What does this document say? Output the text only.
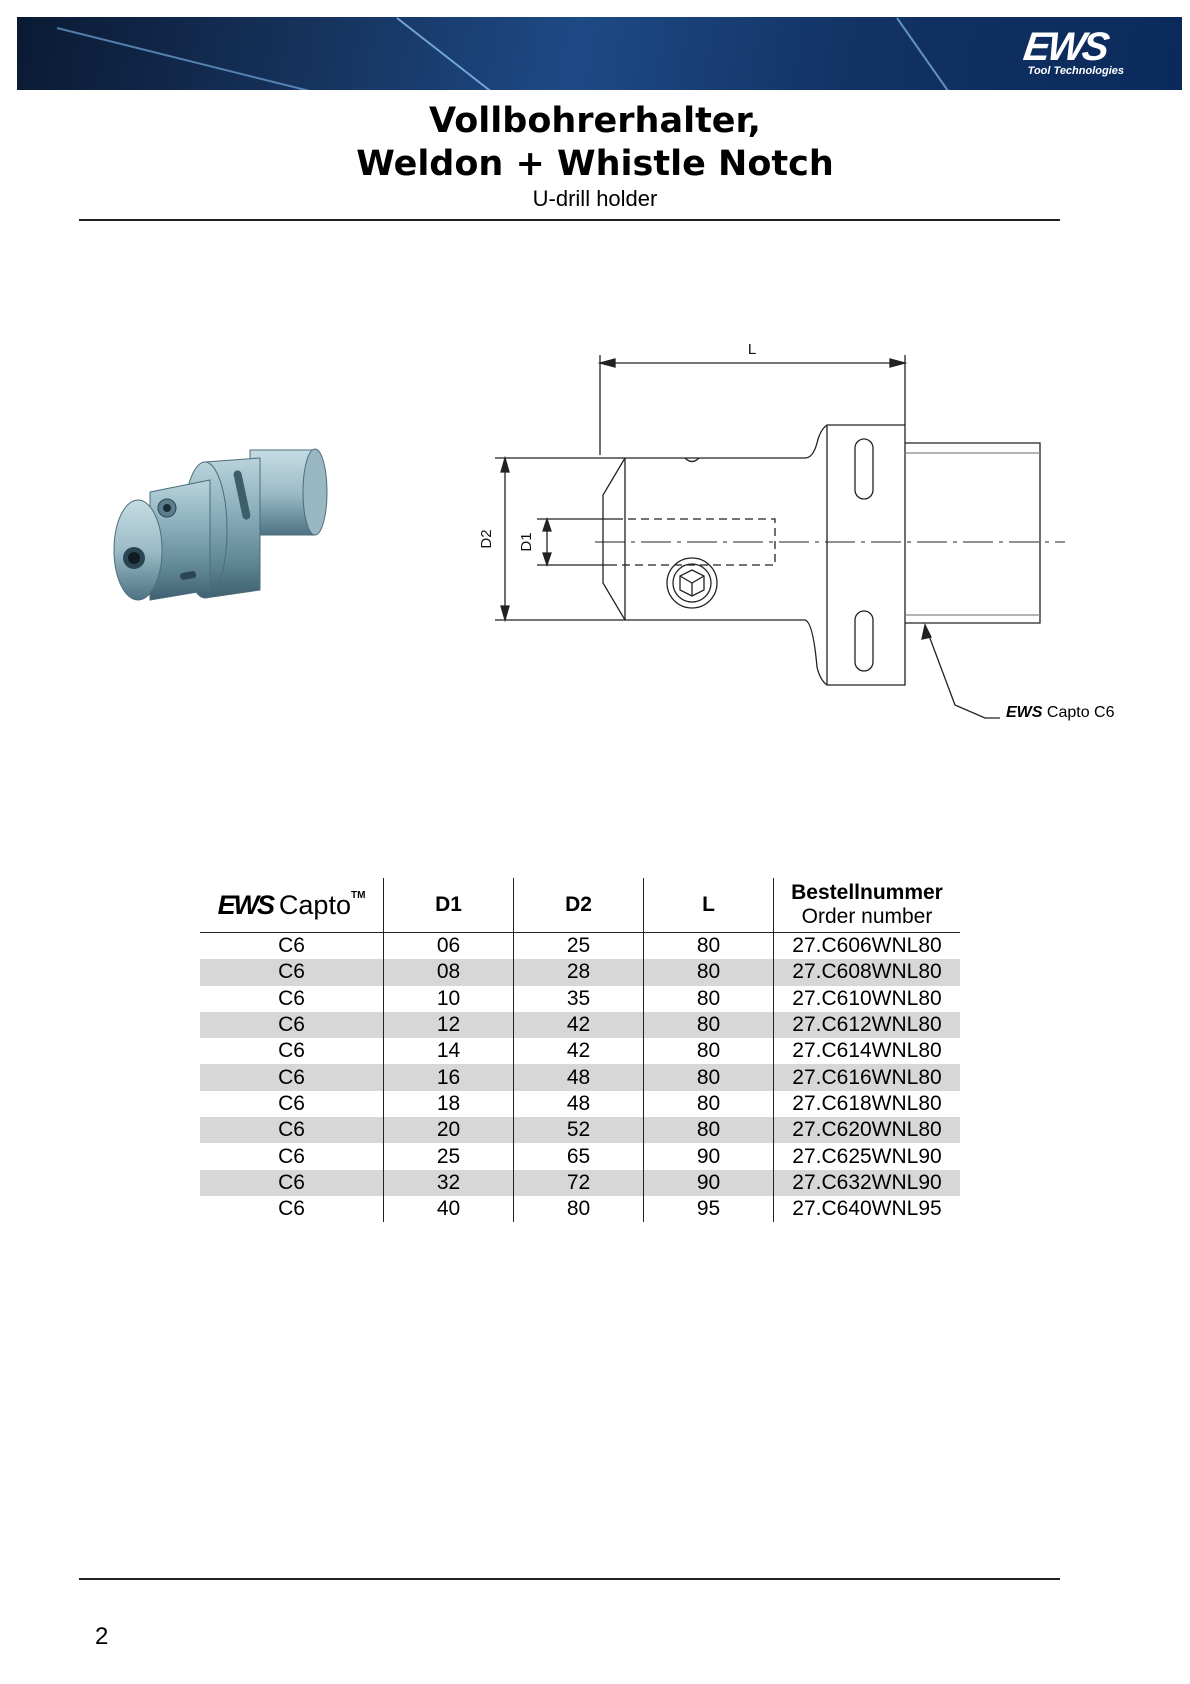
EWS
Tool Technologies
Vollbohrerhalter,
Weldon + Whistle Notch
U-drill holder
L
D2 D1
EWS Capto C6
EWS Capto™	D1	D2	L	Bestellnummer
Order number

C6	06	25	80	27.C606WNL80
C6	08	28	80	27.C608WNL80
C6	10	35	80	27.C610WNL80
C6	12	42	80	27.C612WNL80
C6	14	42	80	27.C614WNL80
C6	16	48	80	27.C616WNL80
C6	18	48	80	27.C618WNL80
C6	20	52	80	27.C620WNL80
C6	25	65	90	27.C625WNL90
C6	32	72	90	27.C632WNL90
C6	40	80	95	27.C640WNL95
2
